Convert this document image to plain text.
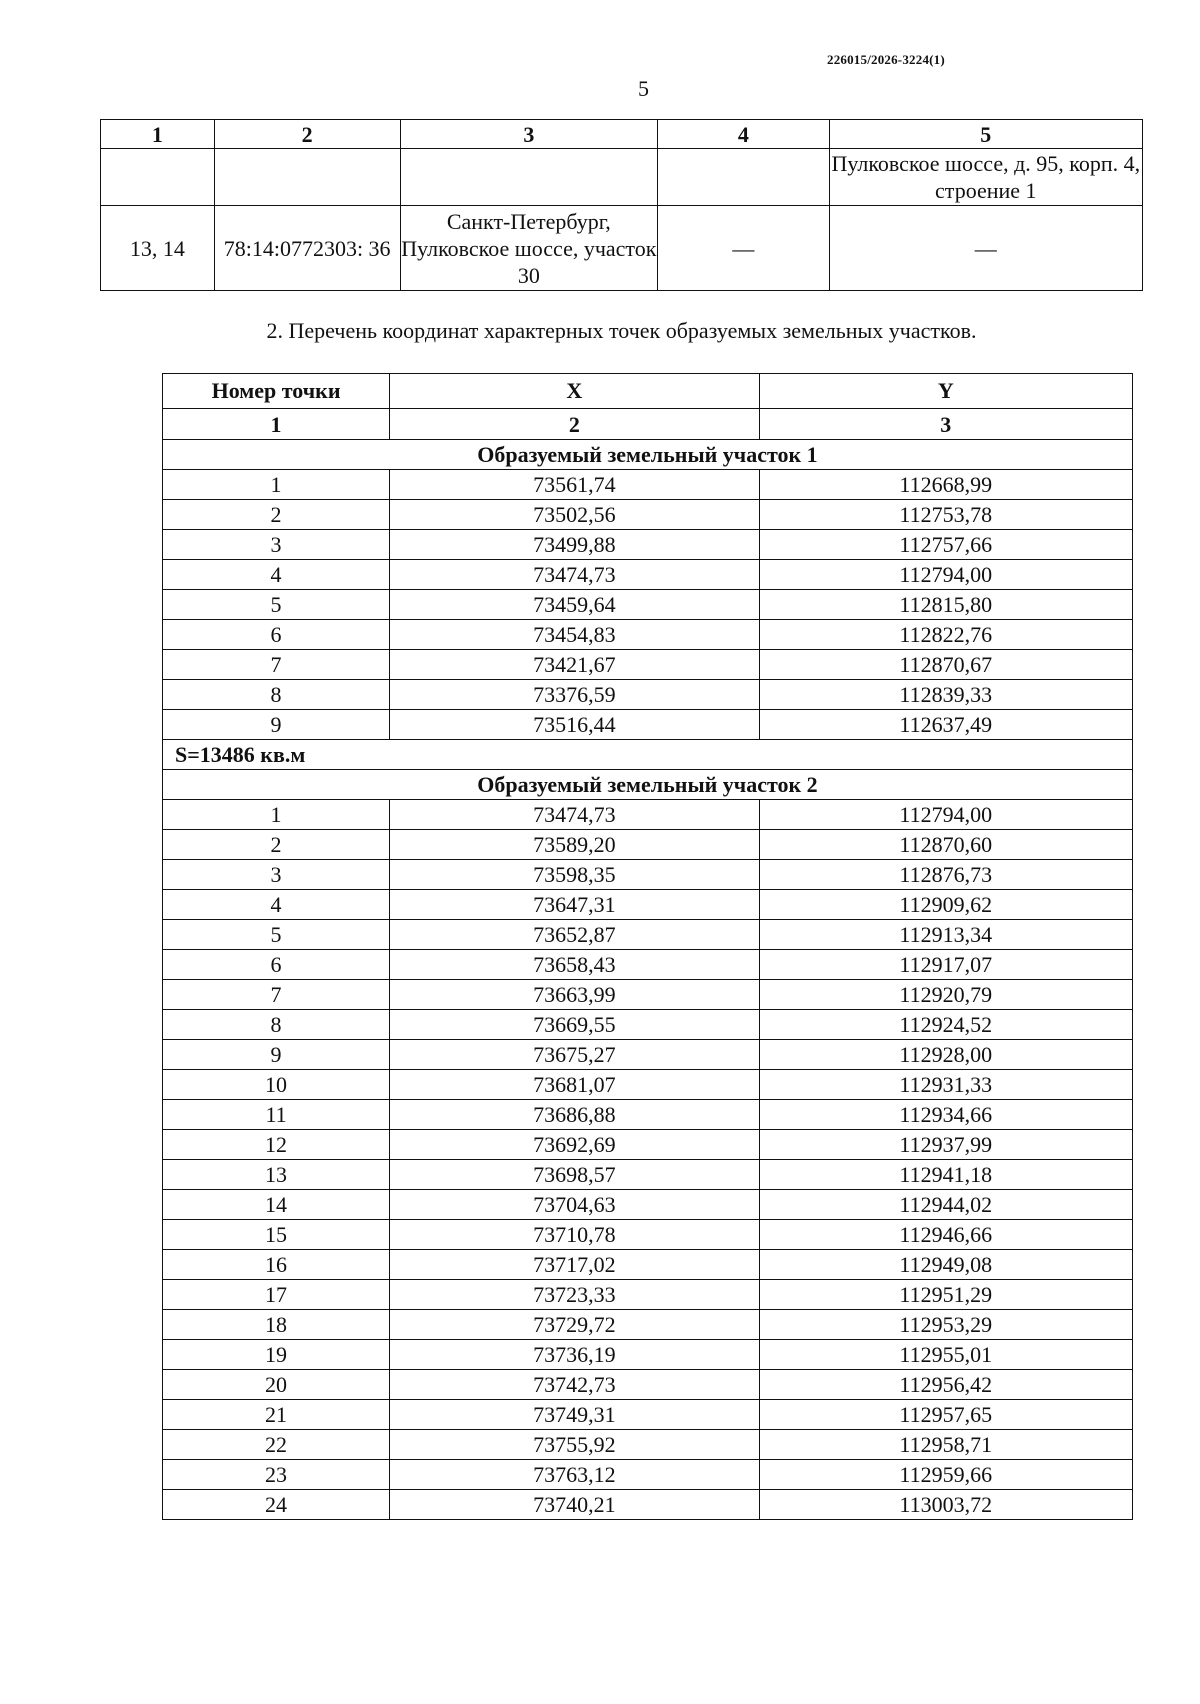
226015/2026-3224(1)
5
1	2	3	4	5
				Пулковское шоссе, д. 95, корп. 4, строение 1
13, 14	78:14:0772303: 36	Санкт-Петербург, Пулковское шоссе, участок 30	—	—
2. Перечень координат характерных точек образуемых земельных участков.
Номер точки	X	Y
1	2	3
Образуемый земельный участок 1		
1	73561,74	112668,99
2	73502,56	112753,78
3	73499,88	112757,66
4	73474,73	112794,00
5	73459,64	112815,80
6	73454,83	112822,76
7	73421,67	112870,67
8	73376,59	112839,33
9	73516,44	112637,49
S=13486 кв.м		
Образуемый земельный участок 2		
1	73474,73	112794,00
2	73589,20	112870,60
3	73598,35	112876,73
4	73647,31	112909,62
5	73652,87	112913,34
6	73658,43	112917,07
7	73663,99	112920,79
8	73669,55	112924,52
9	73675,27	112928,00
10	73681,07	112931,33
11	73686,88	112934,66
12	73692,69	112937,99
13	73698,57	112941,18
14	73704,63	112944,02
15	73710,78	112946,66
16	73717,02	112949,08
17	73723,33	112951,29
18	73729,72	112953,29
19	73736,19	112955,01
20	73742,73	112956,42
21	73749,31	112957,65
22	73755,92	112958,71
23	73763,12	112959,66
24	73740,21	113003,72
